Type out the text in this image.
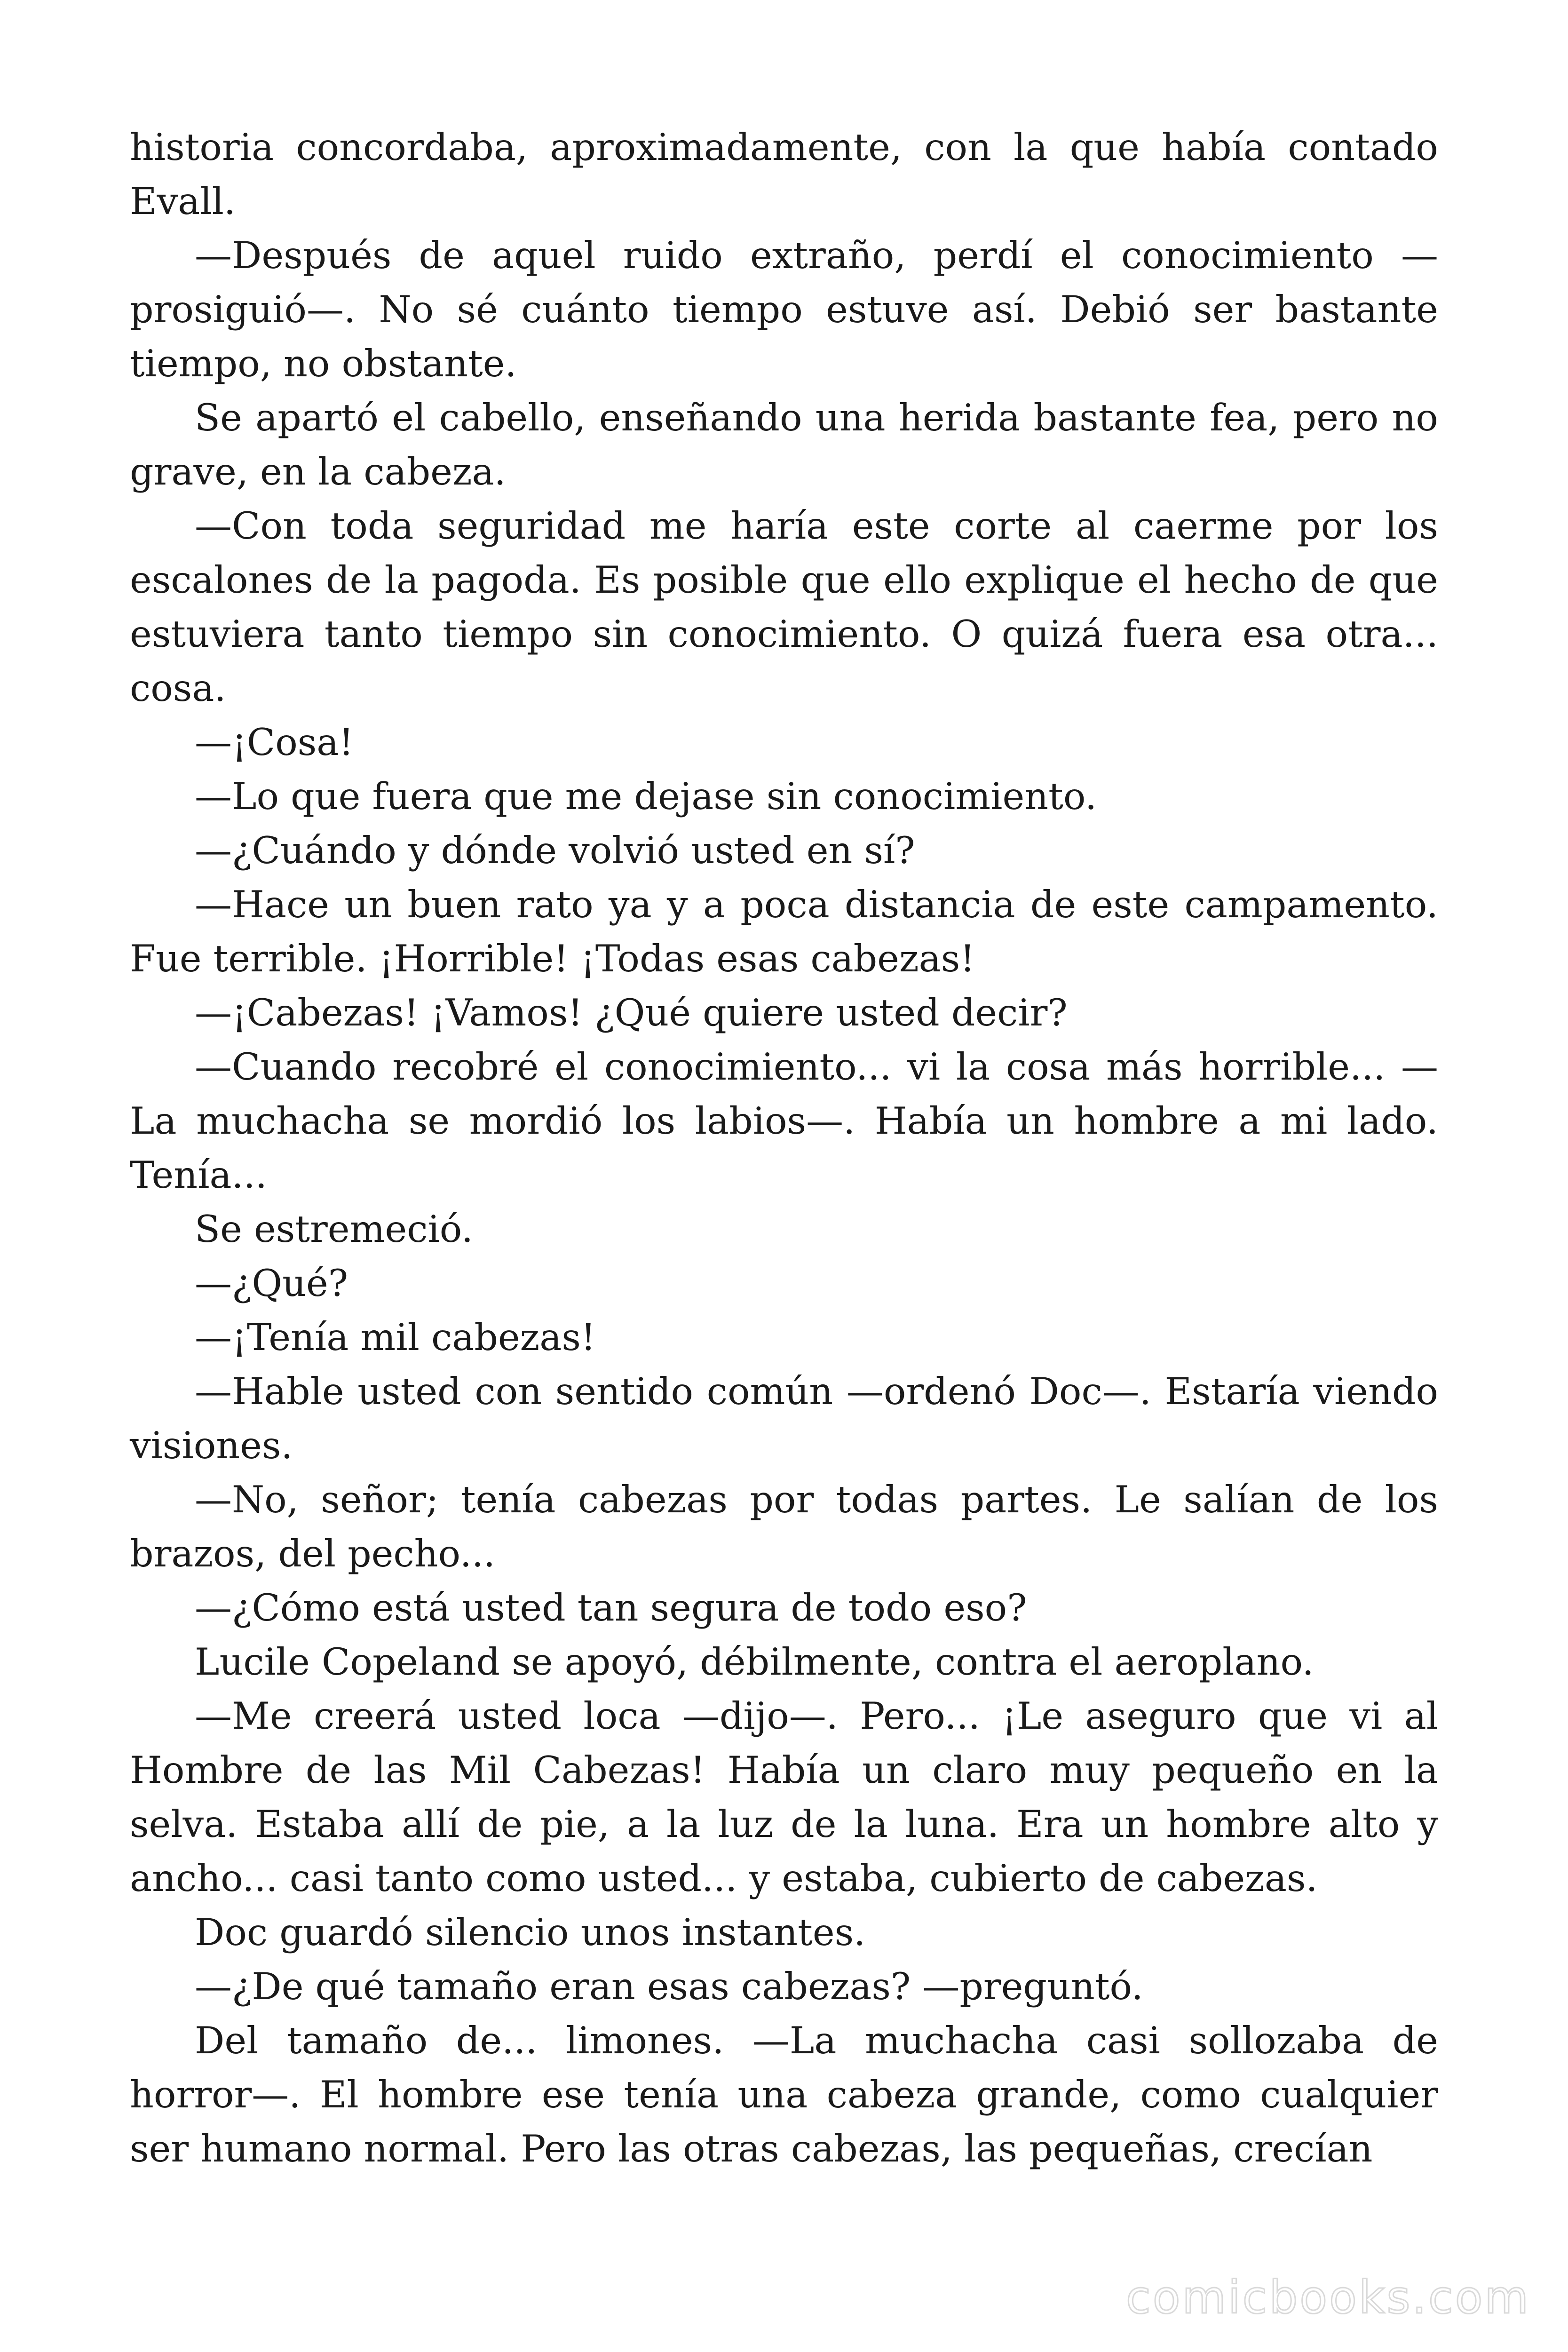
historia concordaba, aproximadamente, con la que había contado Evall.

—Después de aquel ruido extraño, perdí el conocimiento —prosiguió—. No sé cuánto tiempo estuve así. Debió ser bastante tiempo, no obstante.

Se apartó el cabello, enseñando una herida bastante fea, pero no grave, en la cabeza.

—Con toda seguridad me haría este corte al caerme por los escalones de la pagoda. Es posible que ello explique el hecho de que estuviera tanto tiempo sin conocimiento. O quizá fuera esa otra... cosa.

—¡Cosa!

—Lo que fuera que me dejase sin conocimiento.

—¿Cuándo y dónde volvió usted en sí?

—Hace un buen rato ya y a poca distancia de este campamento. Fue terrible. ¡Horrible! ¡Todas esas cabezas!

—¡Cabezas! ¡Vamos! ¿Qué quiere usted decir?

—Cuando recobré el conocimiento... vi la cosa más horrible... —La muchacha se mordió los labios—. Había un hombre a mi lado. Tenía...

Se estremeció.

—¿Qué?

—¡Tenía mil cabezas!

—Hable usted con sentido común —ordenó Doc—. Estaría viendo visiones.

—No, señor; tenía cabezas por todas partes. Le salían de los brazos, del pecho...

—¿Cómo está usted tan segura de todo eso?

Lucile Copeland se apoyó, débilmente, contra el aeroplano.

—Me creerá usted loca —dijo—. Pero... ¡Le aseguro que vi al Hombre de las Mil Cabezas! Había un claro muy pequeño en la selva. Estaba allí de pie, a la luz de la luna. Era un hombre alto y ancho... casi tanto como usted... y estaba, cubierto de cabezas.

Doc guardó silencio unos instantes.

—¿De qué tamaño eran esas cabezas? —preguntó.

Del tamaño de... limones. —La muchacha casi sollozaba de horror—. El hombre ese tenía una cabeza grande, como cualquier ser humano normal. Pero las otras cabezas, las pequeñas, crecían

comicbooks.com
